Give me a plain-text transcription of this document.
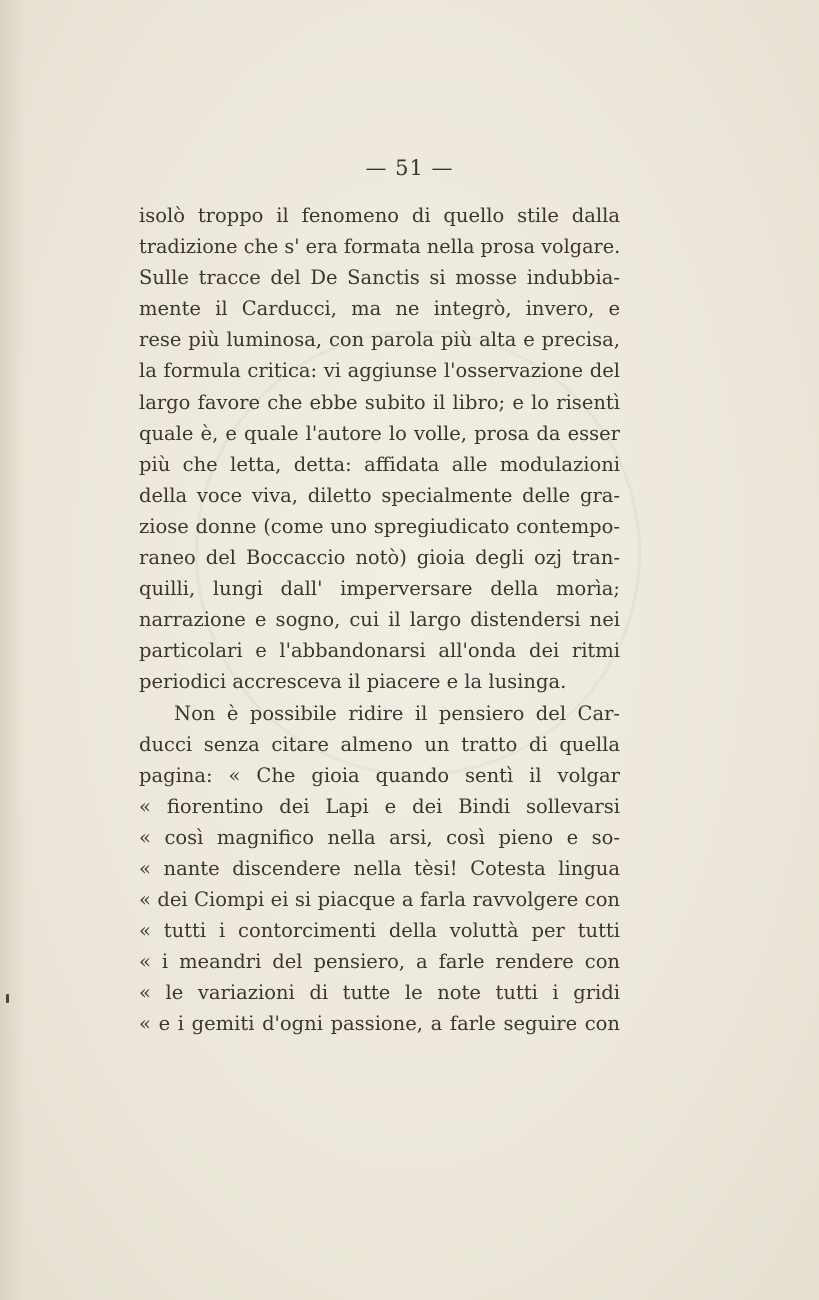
— 51 —
isolò troppo il fenomeno di quello stile dalla
tradizione che s' era formata nella prosa volgare.
Sulle tracce del De Sanctis si mosse indubbia-
mente il Carducci, ma ne integrò, invero, e
rese più luminosa, con parola più alta e precisa,
la formula critica: vi aggiunse l'osservazione del
largo favore che ebbe subito il libro; e lo risentì
quale è, e quale l'autore lo volle, prosa da esser
più che letta, detta: affidata alle modulazioni
della voce viva, diletto specialmente delle gra-
ziose donne (come uno spregiudicato contempo-
raneo del Boccaccio notò) gioia degli ozj tran-
quilli, lungi dall' imperversare della morìa;
narrazione e sogno, cui il largo distendersi nei
particolari e l'abbandonarsi all'onda dei ritmi
periodici accresceva il piacere e la lusinga.
Non è possibile ridire il pensiero del Car-
ducci senza citare almeno un tratto di quella
pagina: « Che gioia quando sentì il volgar
« fiorentino dei Lapi e dei Bindi sollevarsi
« così magnifico nella arsi, così pieno e so-
« nante discendere nella tèsi! Cotesta lingua
« dei Ciompi ei si piacque a farla ravvolgere con
« tutti i contorcimenti della voluttà per tutti
« i meandri del pensiero, a farle rendere con
« le variazioni di tutte le note tutti i gridi
« e i gemiti d'ogni passione, a farle seguire con
